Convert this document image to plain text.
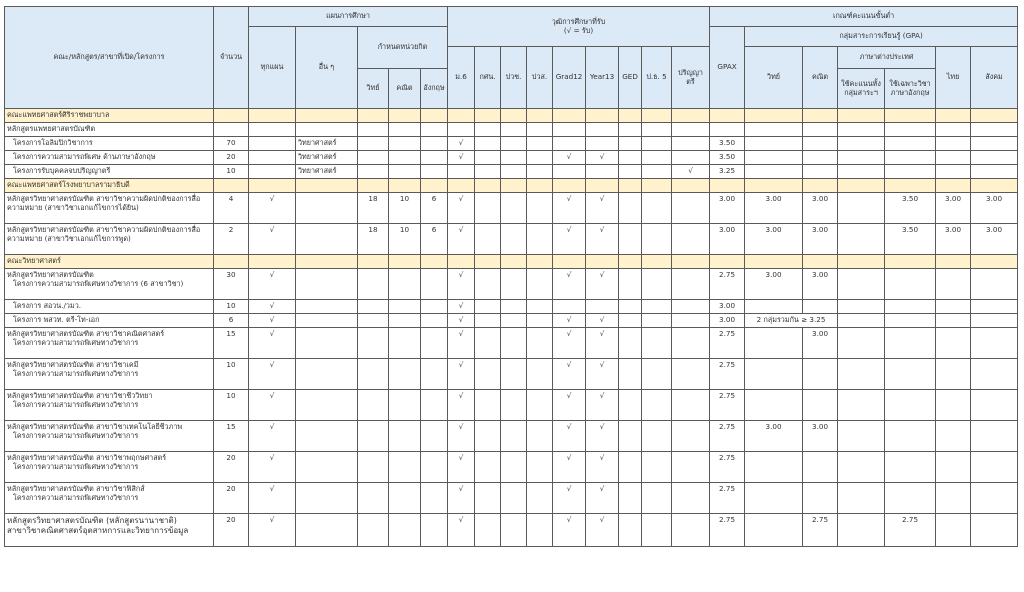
คณะ/หลักสูตร/สาขาที่เปิด/โครงการ	จำนวน	แผนการศึกษา					วุฒิการศึกษาที่รับ
(√ = รับ)									เกณฑ์คะแนนขั้นต่ำ						
		ทุกแผน	อื่น ๆ	กำหนดหน่วยกิต												GPAX	กลุ่มสาระการเรียนรู้ (GPA)					
							ม.6	กศน.	ปวช.	ปวส.	Grad12	Year13	GED	ป.ธ. 5	ปริญญาตรี		วิทย์	คณิต	ภาษาต่างประเทศ		ไทย	สังคม
				วิทย์	คณิต	อังกฤษ													ใช้คะแนนทั้งกลุ่มสาระฯ	ใช้เฉพาะวิชาภาษาอังกฤษ		
คณะแพทยศาสตร์ศิริราชพยาบาล																						
หลักสูตรแพทยศาสตรบัณฑิต																						
โครงการโอลิมปิกวิชาการ	70		วิทยาศาสตร์				√									3.50						
โครงการความสามารถพิเศษ ด้านภาษาอังกฤษ	20		วิทยาศาสตร์				√				√	√				3.50						
โครงการรับบุคคลจบปริญญาตรี	10		วิทยาศาสตร์												√	3.25						
คณะแพทยศาสตร์โรงพยาบาลรามาธิบดี																						

หลักสูตรวิทยาศาสตรบัณฑิต สาขาวิชาความผิดปกติของการสื่อความหมาย (สาขาวิชาเอกแก้ไขการได้ยิน)	4	√		18	10	6	√				√	√				3.00	3.00	3.00		3.50	3.00	3.00

หลักสูตรวิทยาศาสตรบัณฑิต สาขาวิชาความผิดปกติของการสื่อความหมาย (สาขาวิชาเอกแก้ไขการพูด)	2	√		18	10	6	√				√	√				3.00	3.00	3.00		3.50	3.00	3.00
คณะวิทยาศาสตร์																						

หลักสูตรวิทยาศาสตรบัณฑิต
โครงการความสามารถพิเศษทางวิชาการ (6 สาขาวิชา)	30	√					√				√	√				2.75	3.00	3.00				
โครงการ สอวน./วมว.	10	√					√									3.00						
โครงการ พสวท. ตรี-โท-เอก	6	√					√				√	√				3.00	2 กลุ่มรวมกัน ≥ 3.25					

หลักสูตรวิทยาศาสตรบัณฑิต สาขาวิชาคณิตศาสตร์
โครงการความสามารถพิเศษทางวิชาการ	15	√					√				√	√				2.75		3.00				

หลักสูตรวิทยาศาสตรบัณฑิต สาขาวิชาเคมี
โครงการความสามารถพิเศษทางวิชาการ	10	√					√				√	√				2.75						

หลักสูตรวิทยาศาสตรบัณฑิต สาขาวิชาชีววิทยา
โครงการความสามารถพิเศษทางวิชาการ	10	√					√				√	√				2.75						

หลักสูตรวิทยาศาสตรบัณฑิต สาขาวิชาเทคโนโลยีชีวภาพ
โครงการความสามารถพิเศษทางวิชาการ	15	√					√				√	√				2.75	3.00	3.00				

หลักสูตรวิทยาศาสตรบัณฑิต สาขาวิชาพฤกษศาสตร์
โครงการความสามารถพิเศษทางวิชาการ	20	√					√				√	√				2.75						

หลักสูตรวิทยาศาสตรบัณฑิต สาขาวิชาฟิสิกส์
โครงการความสามารถพิเศษทางวิชาการ	20	√					√				√	√				2.75						

หลักสูตรวิทยาศาสตรบัณฑิต (หลักสูตรนานาชาติ)
สาขาวิชาคณิตศาสตร์อุตสาหการและวิทยาการข้อมูล	20	√					√				√	√				2.75		2.75		2.75		
